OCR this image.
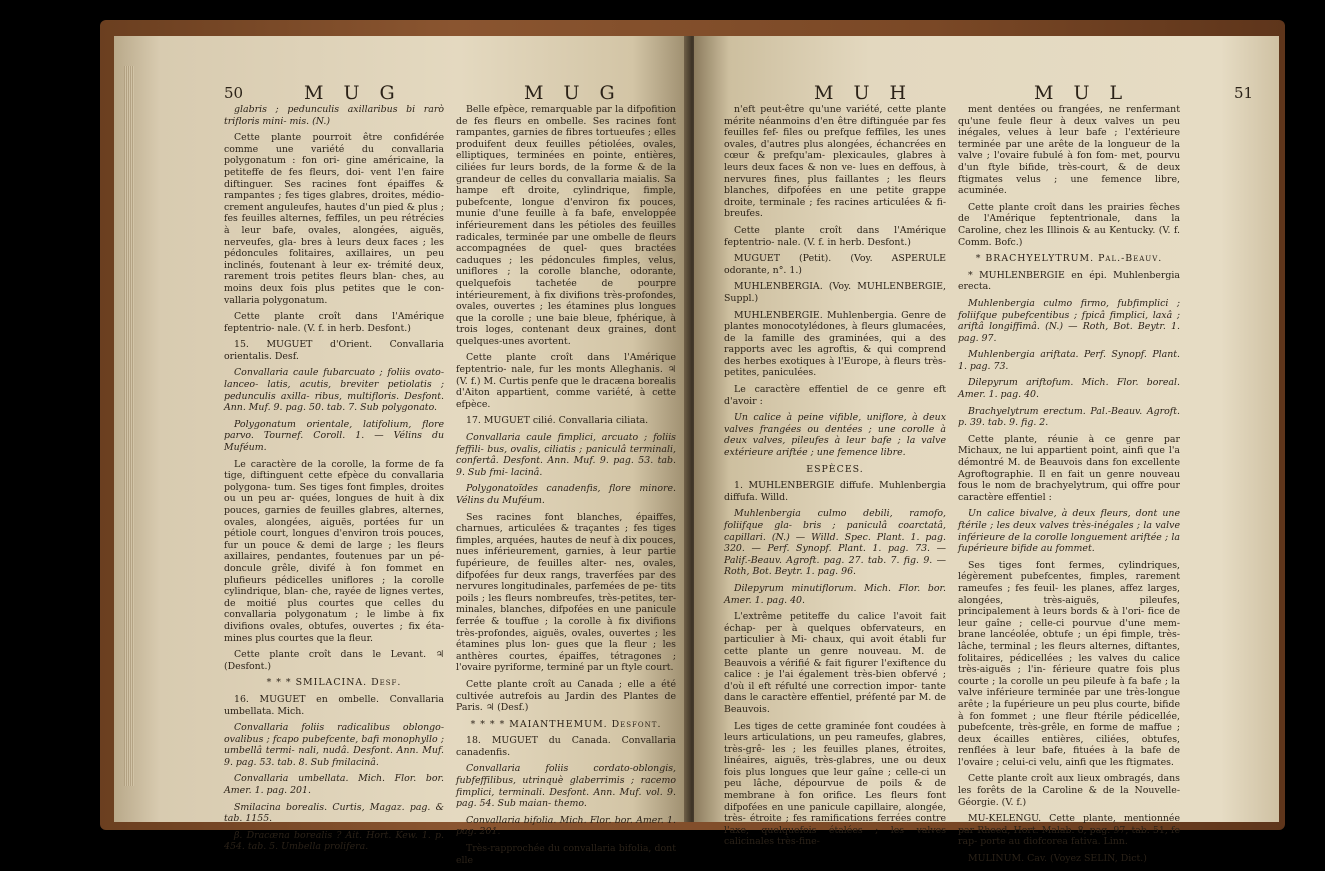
50	M U G	M U G

glabris ; pedunculis axillaribus bi rarò trifloris mini- mis. (N.)

Cette plante pourroit être confidérée comme une variété du convallaria polygonatum : fon ori- gine américaine, la petiteffe de fes fleurs, doi- vent l'en faire diftinguer. Ses racines font épaiffes & rampantes ; fes tiges glabres, droites, médio- crement anguleufes, hautes d'un pied & plus ; fes feuilles alternes, feffiles, un peu rétrécies à leur bafe, ovales, alongées, aiguës, nerveufes, gla- bres à leurs deux faces ; les pédoncules folitaires, axillaires, un peu inclinés, foutenant à leur ex- trémité deux, rarement trois petites fleurs blan- ches, au moins deux fois plus petites que le con- vallaria polygonatum.

Cette plante croît dans l'Amérique feptentrio- nale. (V. f. in herb. Desfont.)

15. MUGUET d'Orient. Convallaria orientalis. Desf.

Convallaria caule fubarcuato ; foliis ovato-lanceo- latis, acutis, breviter petiolatis ; pedunculis axilla- ribus, multifloris. Desfont. Ann. Muf. 9. pag. 50. tab. 7. Sub polygonato.

Polygonatum orientale, latifolium, flore parvo. Tournef. Coroll. 1. — Vélins du Muféum.

Le caractère de la corolle, la forme de fa tige, diftinguent cette efpèce du convallaria polygona- tum. Ses tiges font fimples, droites ou un peu ar- quées, longues de huit à dix pouces, garnies de feuilles glabres, alternes, ovales, alongées, aiguës, portées fur un pétiole court, longues d'environ trois pouces, fur un pouce & demi de large ; les fleurs axillaires, pendantes, foutenues par un pé- doncule grêle, divifé à fon fommet en plufieurs pédicelles uniflores ; la corolle cylindrique, blan- che, rayée de lignes vertes, de moitié plus courtes que celles du convallaria polygonatum ; le limbe à fix divifions ovales, obtufes, ouvertes ; fix éta- mines plus courtes que la fleur.

Cette plante croît dans le Levant. ♃ (Desfont.)

* * * SMILACINA. Desf.

16. MUGUET en ombelle. Convallaria umbellata. Mich.

Convallaria foliis radicalibus oblongo-ovalibus ; fcapo pubefcente, bafi monophyllo ; umbellâ termi- nali, nudâ. Desfont. Ann. Muf. 9. pag. 53. tab. 8. Sub fmilacinâ.

Convallaria umbellata. Mich. Flor. bor. Amer. 1. pag. 201.

Smilacina borealis. Curtis, Magaz. pag. & tab. 1155.

β. Dracæna borealis ? Ait. Hort. Kew. 1. p. 454. tab. 5. Umbella prolifera.

Belle efpèce, remarquable par la difpofition de fes fleurs en ombelle. Ses racines font rampantes, garnies de fibres tortueufes ; elles produifent deux feuilles pétiolées, ovales, elliptiques, terminées en pointe, entières, ciliées fur leurs bords, de la forme & de la grandeur de celles du convallaria maialis. Sa hampe eft droite, cylindrique, fimple, pubefcente, longue d'environ fix pouces, munie d'une feuille à fa bafe, enveloppée inférieurement dans les pétioles des feuilles radicales, terminée par une ombelle de fleurs accompagnées de quel- ques bractées caduques ; les pédoncules fimples, velus, uniflores ; la corolle blanche, odorante, quelquefois tachetée de pourpre intérieurement, à fix divifions très-profondes, ovales, ouvertes ; les étamines plus longues que la corolle ; une baie bleue, fphérique, à trois loges, contenant deux graines, dont quelques-unes avortent.

Cette plante croît dans l'Amérique feptentrio- nale, fur les monts Alleghanis. ♃ (V. f.) M. Curtis penfe que le dracæna borealis d'Aiton appartient, comme variété, à cette efpèce.

17. MUGUET cilié. Convallaria ciliata.

Convallaria caule fimplici, arcuato ; foliis feffili- bus, ovalis, ciliatis ; paniculâ terminali, confertâ. Desfont. Ann. Muf. 9. pag. 53. tab. 9. Sub fmi- lacinâ.

Polygonatoïdes canadenfis, flore minore. Vélins du Muféum.

Ses racines font blanches, épaiffes, charnues, articulées & traçantes ; fes tiges fimples, arquées, hautes de neuf à dix pouces, nues inférieurement, garnies, à leur partie fupérieure, de feuilles alter- nes, ovales, difpofées fur deux rangs, traverfées par des nervures longitudinales, parfemées de pe- tits poils ; les fleurs nombreufes, très-petites, ter- minales, blanches, difpofées en une panicule ferrée & touffue ; la corolle à fix divifions très-profondes, aiguës, ovales, ouvertes ; les étamines plus lon- gues que la fleur ; les anthères courtes, épaiffes, tétragones ; l'ovaire pyriforme, terminé par un ftyle court.

Cette plante croît au Canada ; elle a été cultivée autrefois au Jardin des Plantes de Paris. ♃ (Desf.)

* * * * MAIANTHEMUM. Desfont.

18. MUGUET du Canada. Convallaria canadenfis.

Convallaria foliis cordato-oblongis, fubfeffilibus, utrinquè glaberrimis ; racemo fimplici, terminali. Desfont. Ann. Muf. vol. 9. pag. 54. Sub maian- themo.

Convallaria bifolia. Mich. Flor. bor. Amer. 1. pag. 201.

Très-rapprochée du convallaria bifolia, dont elle

M U H	M U L	51

n'eft peut-être qu'une variété, cette plante mérite néanmoins d'en être diftinguée par fes feuilles fef- files ou prefque feffiles, les unes ovales, d'autres plus alongées, échancrées en cœur & prefqu'am- plexicaules, glabres à leurs deux faces & non ve- lues en deffous, à nervures fines, plus faillantes ; les fleurs blanches, difpofées en une petite grappe droite, terminale ; fes racines articulées & fi- breufes.

Cette plante croît dans l'Amérique feptentrio- nale. (V. f. in herb. Desfont.)

MUGUET (Petit). (Voy. ASPERULE odorante, n°. 1.)

MUHLENBERGIA. (Voy. MUHLENBERGIE, Suppl.)

MUHLENBERGIE. Muhlenbergia. Genre de plantes monocotylédones, à fleurs glumacées, de la famille des graminées, qui a des rapports avec les agroftis, & qui comprend des herbes exotiques à l'Europe, à fleurs très-petites, paniculées.

Le caractère effentiel de ce genre eft d'avoir :

Un calice à peine vifible, uniflore, à deux valves frangées ou dentées ; une corolle à deux valves, pileufes à leur bafe ; la valve extérieure ariftée ; une femence libre.

ESPÈCES.

1. MUHLENBERGIE diffufe. Muhlenbergia diffufa. Willd.

Muhlenbergia culmo debili, ramofo, foliifque gla- bris ; paniculâ coarctatâ, capillari. (N.) — Willd. Spec. Plant. 1. pag. 320. — Perf. Synopf. Plant. 1. pag. 73. — Palif.-Beauv. Agroft. pag. 27. tab. 7. fig. 9. — Roth, Bot. Beytr. 1. pag. 96.

Dilepyrum minutiflorum. Mich. Flor. bor. Amer. 1. pag. 40.

L'extrême petiteffe du calice l'avoit fait échap- per à quelques obfervateurs, en particulier à Mi- chaux, qui avoit établi fur cette plante un genre nouveau. M. de Beauvois a vérifié & fait figurer l'exiftence du calice : je l'ai également très-bien obfervé ; d'où il eft réfulté une correction impor- tante dans le caractère effentiel, préfenté par M. de Beauvois.

Les tiges de cette graminée font coudées à leurs articulations, un peu rameufes, glabres, très-grê- les ; les feuilles planes, étroites, linéaires, aiguës, très-glabres, une ou deux fois plus longues que leur gaîne ; celle-ci un peu lâche, dépourvue de poils & de membrane à fon orifice. Les fleurs font difpofées en une panicule capillaire, alongée, très- étroite ; fes ramifications ferrées contre l'axe, quelquefois étalées ; les valves calicinales très-fine-

ment dentées ou frangées, ne renfermant qu'une feule fleur à deux valves un peu inégales, velues à leur bafe ; l'extérieure terminée par une arête de la longueur de la valve ; l'ovaire fubulé à fon fom- met, pourvu d'un ftyle bifide, très-court, & de deux ftigmates velus ; une femence libre, acuminée.

Cette plante croît dans les prairies fèches de l'Amérique feptentrionale, dans la Caroline, chez les Illinois & au Kentucky. (V. f. Comm. Bofc.)

* BRACHYELYTRUM. Pal.-Beauv.

* MUHLENBERGIE en épi. Muhlenbergia erecta.

Muhlenbergia culmo firmo, fubfimplici ; foliifque pubefcentibus ; fpicâ fimplici, laxâ ; ariftâ longiffimâ. (N.) — Roth, Bot. Beytr. 1. pag. 97.

Muhlenbergia ariftata. Perf. Synopf. Plant. 1. pag. 73.

Dilepyrum ariftofum. Mich. Flor. boreal. Amer. 1. pag. 40.

Brachyelytrum erectum. Pal.-Beauv. Agroft. p. 39. tab. 9. fig. 2.

Cette plante, réunie à ce genre par Michaux, ne lui appartient point, ainfi que l'a démontré M. de Beauvois dans fon excellente Agroftographie. Il en fait un genre nouveau fous le nom de brachyelytrum, qui offre pour caractère effentiel :

Un calice bivalve, à deux fleurs, dont une ftérile ; les deux valves très-inégales ; la valve inférieure de la corolle longuement ariftée ; la fupérieure bifide au fommet.

Ses tiges font fermes, cylindriques, légèrement pubefcentes, fimples, rarement rameufes ; fes feuil- les planes, affez larges, alongées, très-aiguës, pileufes, principalement à leurs bords & à l'ori- fice de leur gaîne ; celle-ci pourvue d'une mem- brane lancéolée, obtufe ; un épi fimple, très-lâche, terminal ; les fleurs alternes, diftantes, folitaires, pédicellées ; les valves du calice très-aiguës ; l'in- férieure quatre fois plus courte ; la corolle un peu pileufe à fa bafe ; la valve inférieure terminée par une très-longue arête ; la fupérieure un peu plus courte, bifide à fon fommet ; une fleur ftérile pédicellée, pubefcente, très-grêle, en forme de maffue ; deux écailles entières, ciliées, obtufes, renflées à leur bafe, fituées à la bafe de l'ovaire ; celui-ci velu, ainfi que les ftigmates.

Cette plante croît aux lieux ombragés, dans les forêts de la Caroline & de la Nouvelle-Géorgie. (V. f.)

MU-KELENGU. Cette plante, mentionnée par Rheed, Hort. Malab. 8, pag. 97, tab. 51, fe rap- porte au diofcorea fativa. Linn.

MULINUM. Cav. (Voyez SELIN, Dict.)
